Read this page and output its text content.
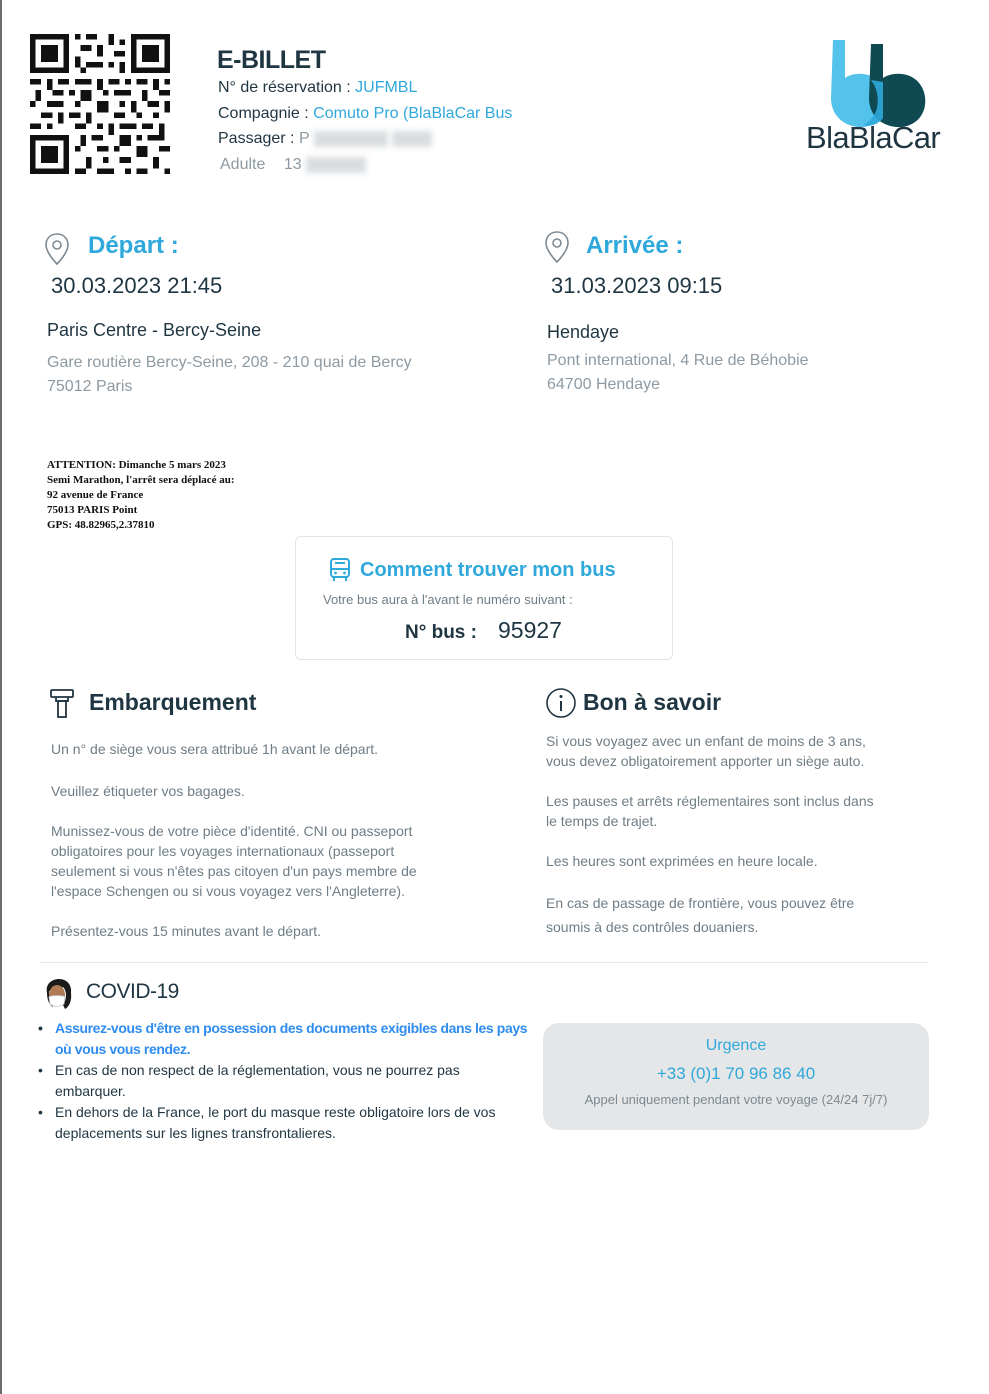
E-BILLET
N° de réservation : JUFMBL
Compagnie : Comuto Pro (BlaBlaCar Bus
Passager : P
Adulte 13
BlaBlaCar
Départ :
30.03.2023 21:45
Paris Centre - Bercy-Seine
Gare routière Bercy-Seine, 208 - 210 quai de Bercy
75012 Paris
Arrivée :
31.03.2023 09:15
Hendaye
Pont international, 4 Rue de Béhobie
64700 Hendaye
ATTENTION: Dimanche 5 mars 2023
Semi Marathon, l'arrêt sera déplacé au:
92 avenue de France
75013 PARIS Point
GPS: 48.82965,2.37810
Comment trouver mon bus
Votre bus aura à l'avant le numéro suivant :
N° bus : 95927
Embarquement
Un n° de siège vous sera attribué 1h avant le départ.
Veuillez étiqueter vos bagages.
Munissez-vous de votre pièce d'identité. CNI ou passeport
obligatoires pour les voyages internationaux (passeport
seulement si vous n'êtes pas citoyen d'un pays membre de
l'espace Schengen ou si vous voyagez vers l'Angleterre).
Présentez-vous 15 minutes avant le départ.
Bon à savoir
Si vous voyagez avec un enfant de moins de 3 ans,
vous devez obligatoirement apporter un siège auto.
Les pauses et arrêts réglementaires sont inclus dans
le temps de trajet.
Les heures sont exprimées en heure locale.
En cas de passage de frontière, vous pouvez être
soumis à des contrôles douaniers.
COVID-19
• Assurez-vous d'être en possession des documents exigibles dans les pays où vous vous rendez.
• En cas de non respect de la réglementation, vous ne pourrez pas embarquer.
• En dehors de la France, le port du masque reste obligatoire lors de vos deplacements sur les lignes transfrontalieres.
Urgence
+33 (0)1 70 96 86 40
Appel uniquement pendant votre voyage (24/24 7j/7)
